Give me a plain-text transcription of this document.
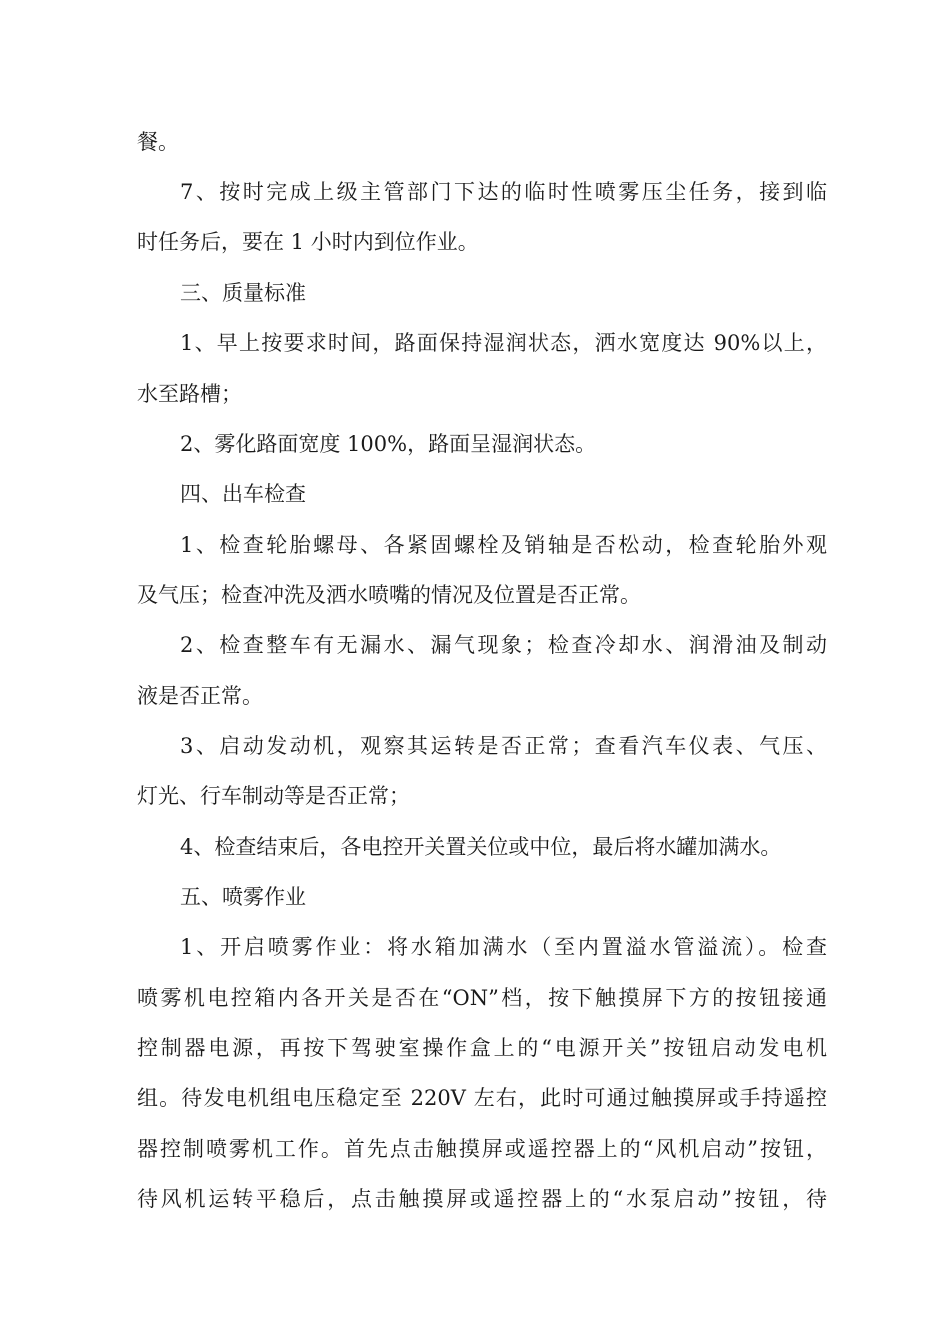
餐。
7、按时完成上级主管部门下达的临时性喷雾压尘任务，接到临
时任务后，要在 1 小时内到位作业。
三、质量标准
1、早上按要求时间，路面保持湿润状态，洒水宽度达 90%以上，
水至路槽；
2、雾化路面宽度 100%，路面呈湿润状态。
四、出车检查
1、检查轮胎螺母、各紧固螺栓及销轴是否松动，检查轮胎外观
及气压；检查冲洗及洒水喷嘴的情况及位置是否正常。
2、检查整车有无漏水、漏气现象；检查冷却水、润滑油及制动
液是否正常。
3、启动发动机，观察其运转是否正常；查看汽车仪表、气压、
灯光、行车制动等是否正常；
4、检查结束后，各电控开关置关位或中位，最后将水罐加满水。
五、喷雾作业
1、开启喷雾作业：将水箱加满水（至内置溢水管溢流）。检查
喷雾机电控箱内各开关是否在“ON”档，按下触摸屏下方的按钮接通
控制器电源，再按下驾驶室操作盒上的“电源开关”按钮启动发电机
组。待发电机组电压稳定至 220V 左右，此时可通过触摸屏或手持遥控
器控制喷雾机工作。首先点击触摸屏或遥控器上的“风机启动”按钮，
待风机运转平稳后，点击触摸屏或遥控器上的“水泵启动”按钮，待
